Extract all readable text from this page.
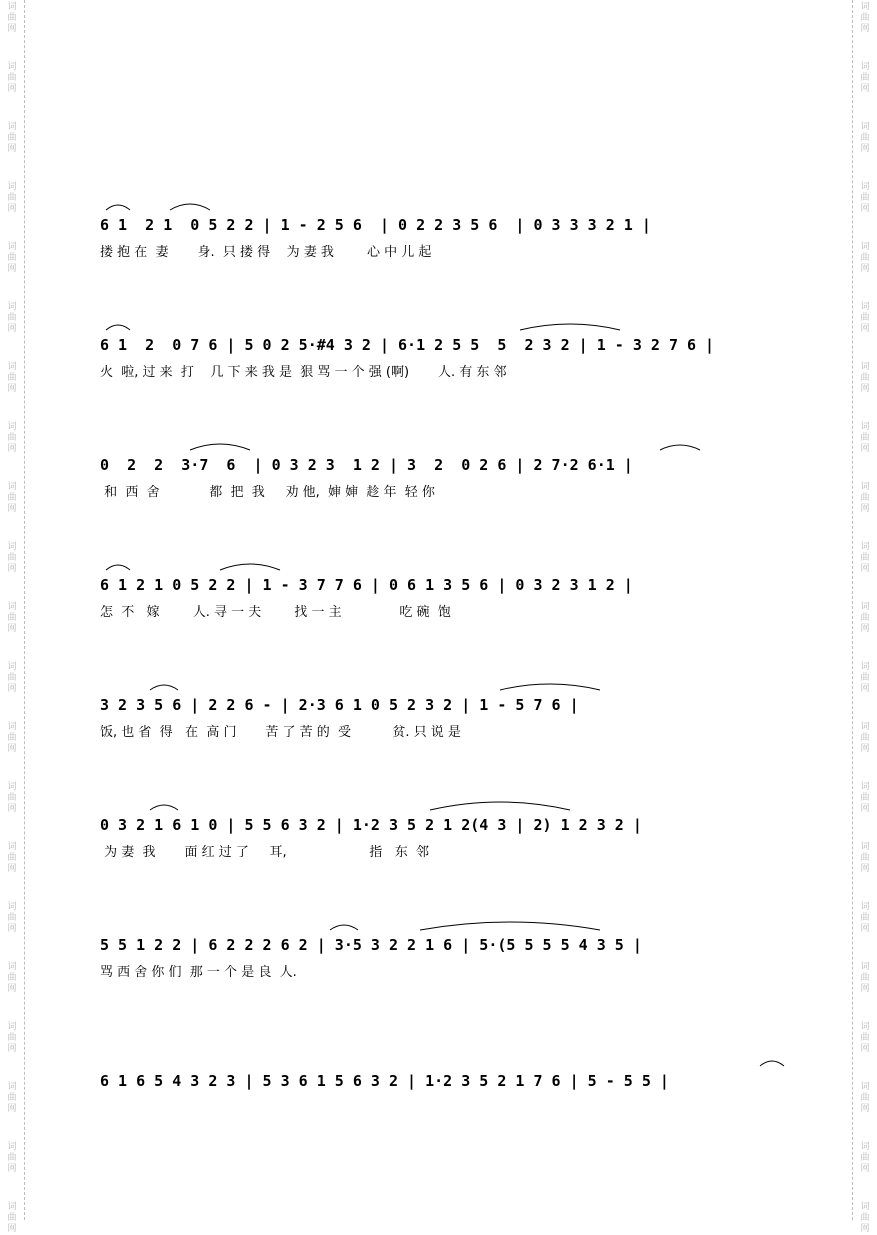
词
曲
网
词
曲
网
词
曲
网
词
曲
网
词
曲
网
词
曲
网
词
曲
网
词
曲
网
词
曲
网
词
曲
网
词
曲
网
词
曲
网
词
曲
网
词
曲
网
词
曲
网
词
曲
网
词
曲
网
词
曲
网
词
曲
网
词
曲
网
词
曲
网
词
曲
网
词
曲
网
词
曲
网
词
曲
网
词
曲
网
词
曲
网
词
曲
网
词
曲
网
词
曲
网
词
曲
网
词
曲
网
词
曲
网
词
曲
网
词
曲
网
词
曲
网
词
曲
网
词
曲
网
词
曲
网
词
曲
网
词
曲
网
词
曲
网
6 1  2 1  0 5 2 2 | 1 - 2 5 6  | 0 2 2 3 5 6  | 0 3 3 3 2 1 |
搂 抱 在  妻       身.  只 搂 得    为 妻 我        心 中 儿 起
6 1  2  0 7 6 | 5 0 2 5·#4 3 2 | 6·1 2 5 5  5  2 3 2 | 1 - 3 2 7 6 |
火  啦, 过 来  打    几 下 来 我 是  狠 骂 一 个 强 (啊)       人. 有 东 邻
0  2  2  3·7  6  | 0 3 2 3  1 2 | 3  2  0 2 6 | 2 7·2 6·1 |
和  西  舍            都  把  我     劝 他,  婶 婶  趁 年  轻 你
6 1 2 1 0 5 2 2 | 1 - 3 7 7 6 | 0 6 1 3 5 6 | 0 3 2 3 1 2 |
怎  不   嫁        人. 寻 一 夫        找 一 主              吃 碗  饱
3 2 3 5 6 | 2 2 6 - | 2·3 6 1 0 5 2 3 2 | 1 - 5 7 6 |
饭, 也 省  得   在  高 门       苦 了 苦 的  受          贫. 只 说 是
0 3 2 1 6 1 0 | 5 5 6 3 2 | 1·2 3 5 2 1 2(4 3 | 2) 1 2 3 2 |
为 妻  我       面 红 过 了     耳,                    指   东  邻
5 5 1 2 2 | 6 2 2 2 6 2 | 3·5 3 2 2 1 6 | 5·(5 5 5 5 4 3 5 |
骂 西 舍 你 们  那 一 个 是 良  人.
6 1 6 5 4 3 2 3 | 5 3 6 1 5 6 3 2 | 1·2 3 5 2 1 7 6 | 5 - 5 5 |
